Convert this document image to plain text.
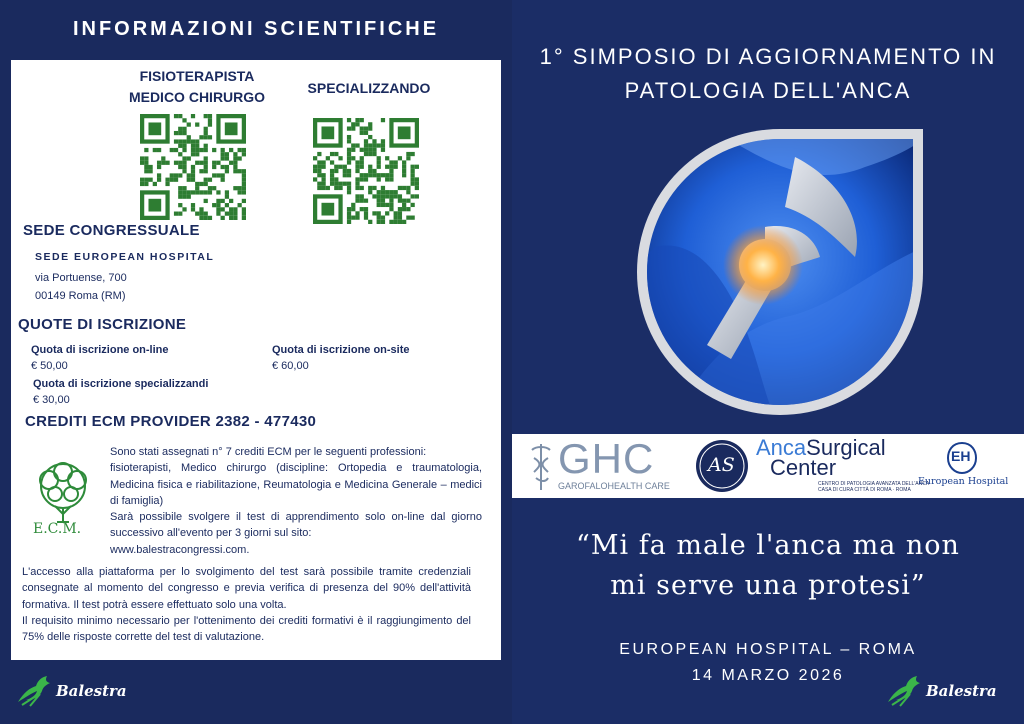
INFORMAZIONI SCIENTIFICHE
FISIOTERAPISTA
MEDICO CHIRURGO
SPECIALIZZANDO
SEDE CONGRESSUALE
SEDE EUROPEAN HOSPITAL
via Portuense, 700
00149 Roma (RM)
QUOTE DI ISCRIZIONE
Quota di iscrizione on-line
€ 50,00
Quota di iscrizione on-site
€ 60,00
Quota di iscrizione specializzandi
€ 30,00
CREDITI ECM PROVIDER 2382 - 477430
E.C.M.
Sono stati assegnati n° 7 crediti ECM per le seguenti professioni:
fisioterapisti, Medico chirurgo (discipline: Ortopedia e traumatologia, Medicina fisica e riabilitazione, Reumatologia e Medicina Generale – medici di famiglia)
Sarà possibile svolgere il test di apprendimento solo on-line dal giorno successivo all'evento per 3 giorni sul sito:
www.balestracongressi.com.
L'accesso alla piattaforma per lo svolgimento del test sarà possibile tramite credenziali consegnate al momento del congresso e previa verifica di presenza del 90% dell'attività formativa. Il test potrà essere effettuato solo una volta.
Il requisito minimo necessario per l'ottenimento dei crediti formativi è il raggiungimento del 75% delle risposte corrette del test di valutazione.
Balestra
1° SIMPOSIO DI AGGIORNAMENTO IN
PATOLOGIA DELL'ANCA
GHC
GAROFALOHEALTH CARE
AS
AncaSurgical
Center
CENTRO DI PATOLOGIA AVANZATA DELL'ANCA
CASA DI CURA CITTÀ DI ROMA · ROMA
EH
European Hospital
“Mi fa male l'anca ma non
mi serve una protesi”
EUROPEAN HOSPITAL – ROMA
14 MARZO 2026
Balestra
